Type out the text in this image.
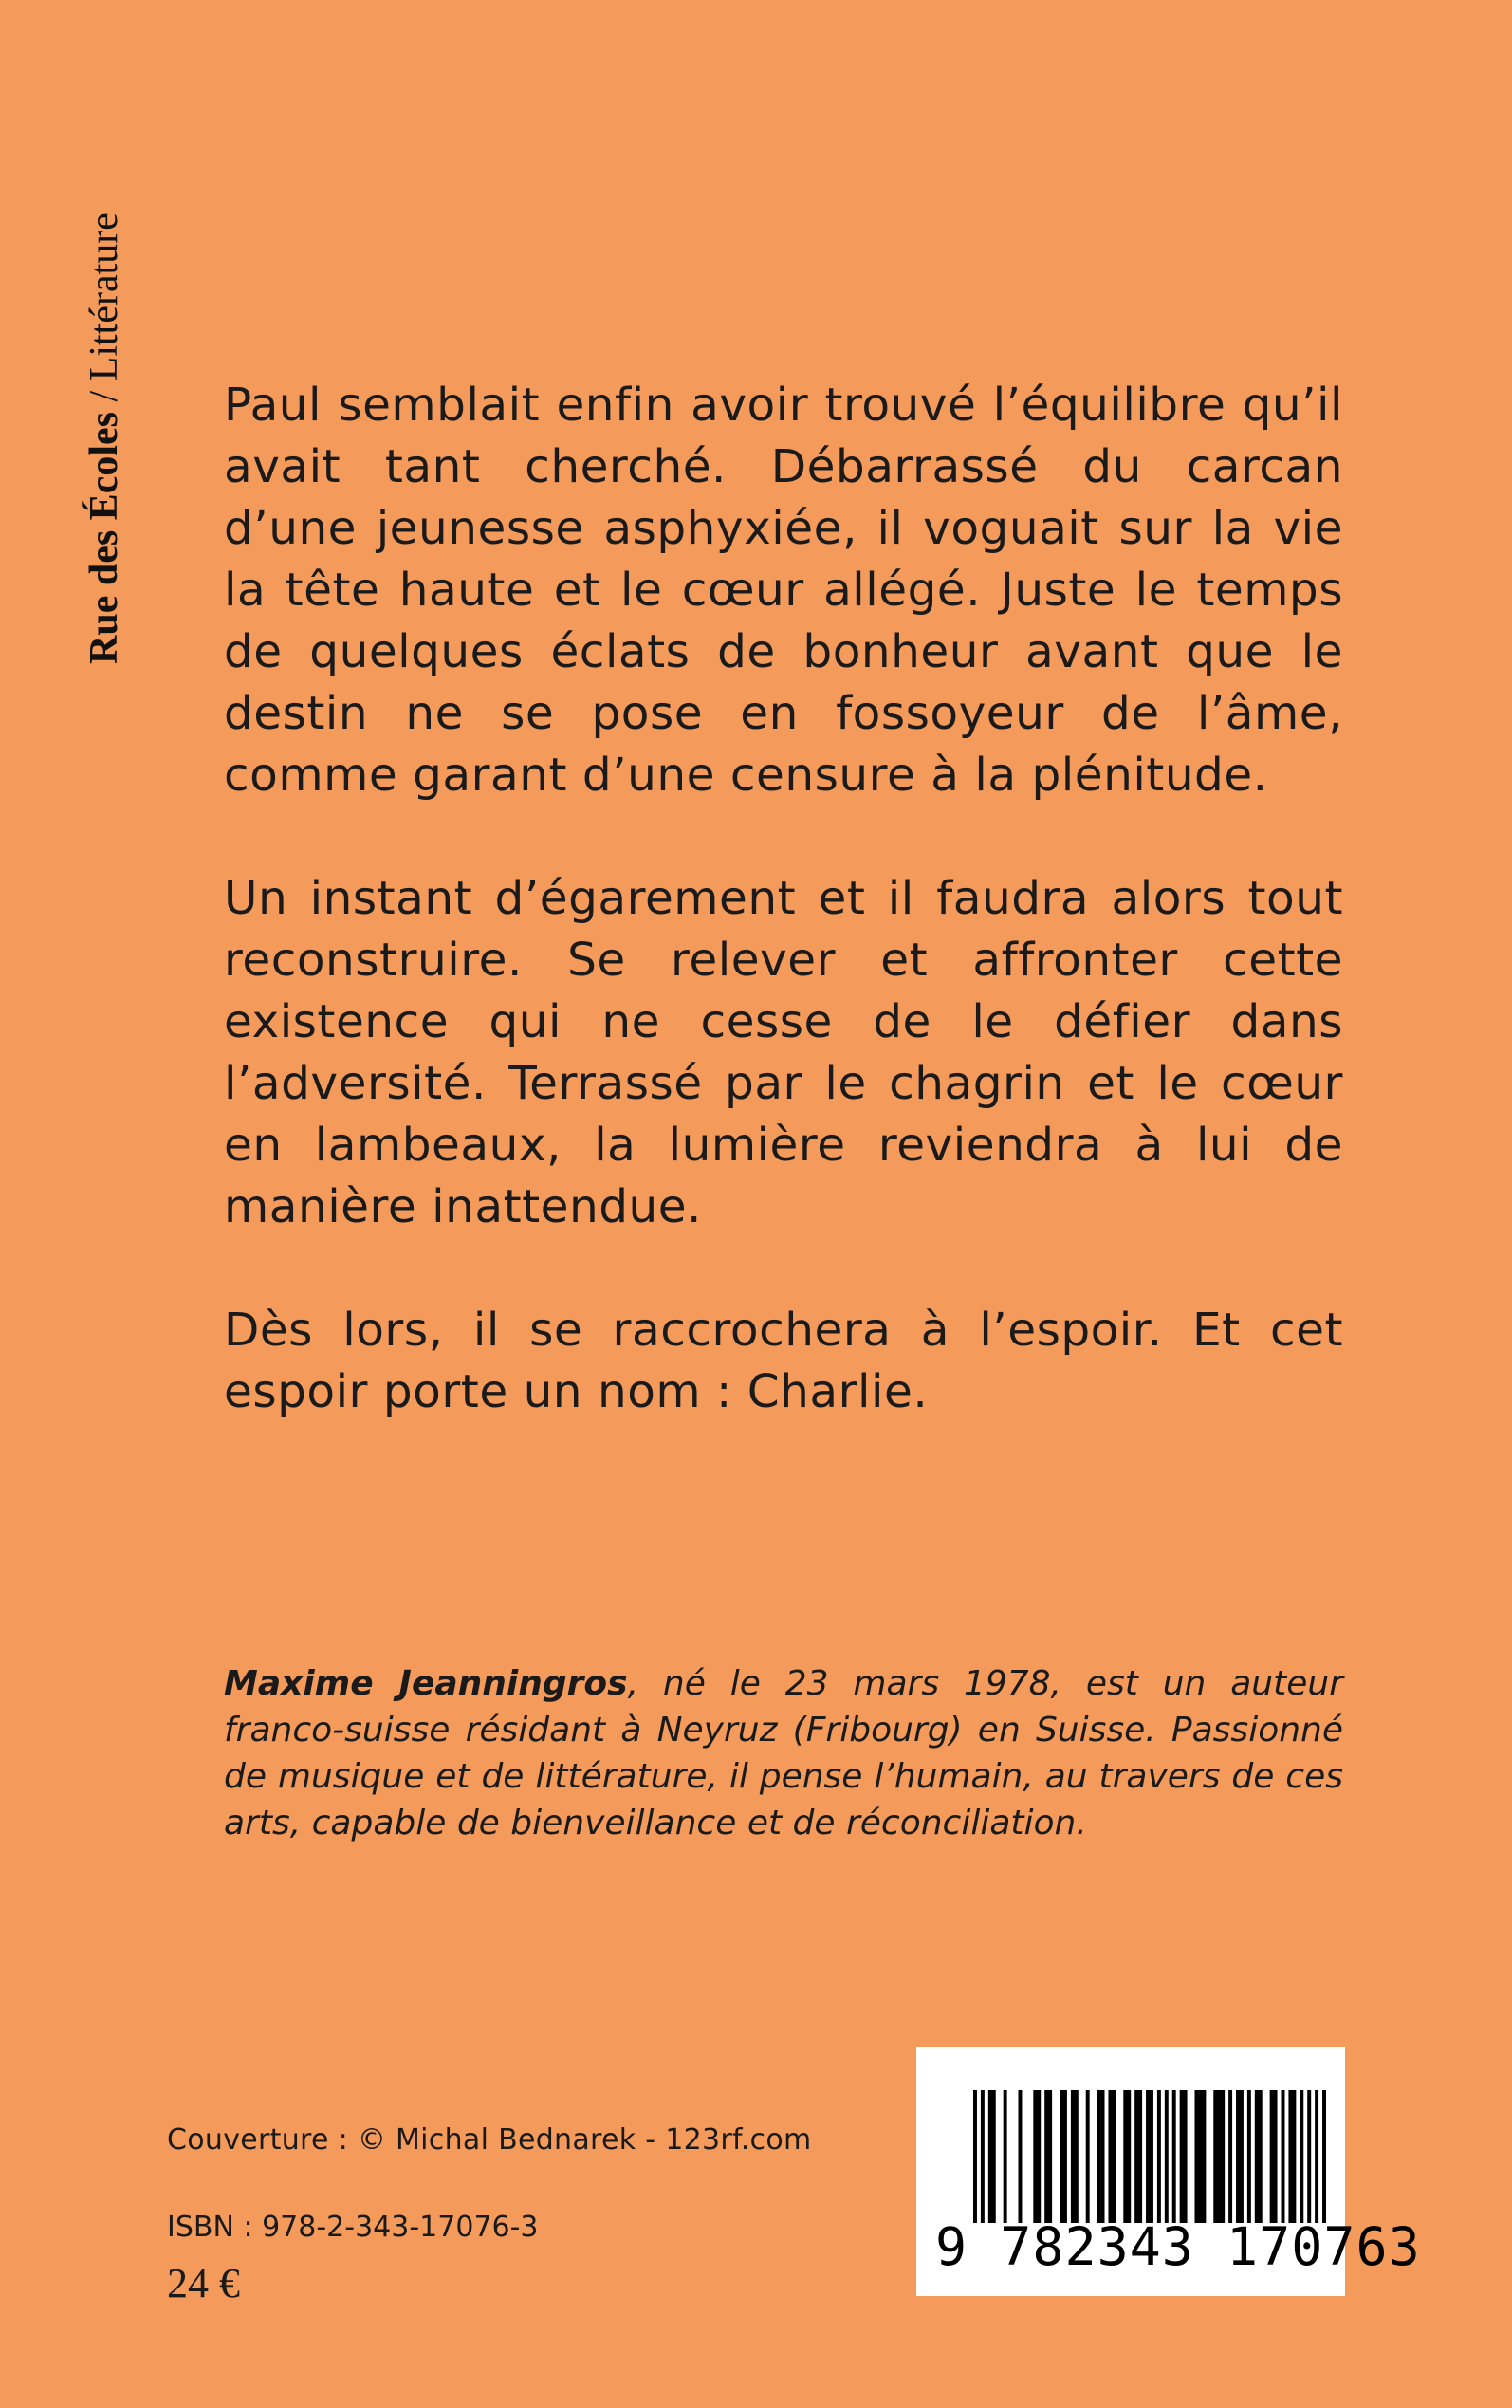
Rue des Écoles / Littérature

Paul semblait enfin avoir trouvé l’équilibre qu’il avait tant cherché. Débarrassé du carcan d’une jeunesse asphyxiée, il voguait sur la vie la tête haute et le cœur allégé. Juste le temps de quelques éclats de bonheur avant que le destin ne se pose en fossoyeur de l’âme, comme garant d’une censure à la plénitude.

Un instant d’égarement et il faudra alors tout reconstruire. Se relever et affronter cette existence qui ne cesse de le défier dans l’adversité. Terrassé par le chagrin et le cœur en lambeaux, la lumière reviendra à lui de manière inattendue.

Dès lors, il se raccrochera à l’espoir. Et cet espoir porte un nom : Charlie.

Maxime Jeanningros, né le 23 mars 1978, est un auteur franco-suisse résidant à Neyruz (Fribourg) en Suisse. Passionné de musique et de littérature, il pense l’humain, au travers de ces arts, capable de bienveillance et de réconciliation.
Couverture : © Michal Bednarek - 123rf.com
ISBN : 978-2-343-17076-3
24 €
9 782343 170763
